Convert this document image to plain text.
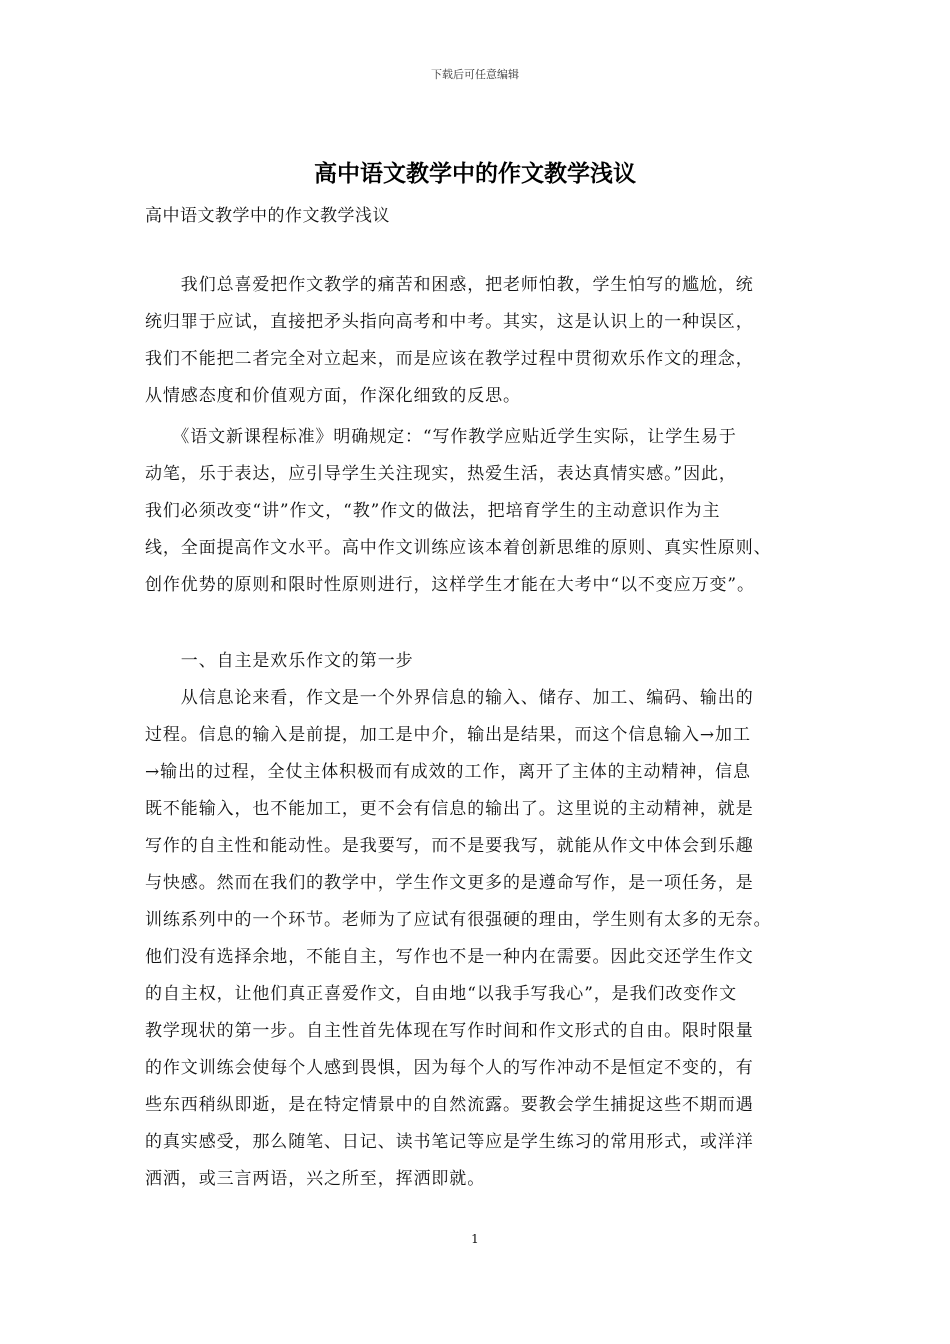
下载后可任意编辑
高中语文教学中的作文教学浅议

高中语文教学中的作文教学浅议

　　我们总喜爱把作文教学的痛苦和困惑，把老师怕教，学生怕写的尴尬，统
统归罪于应试，直接把矛头指向高考和中考。其实，这是认识上的一种误区，
我们不能把二者完全对立起来，而是应该在教学过程中贯彻欢乐作文的理念，
从情感态度和价值观方面，作深化细致的反思。

　　《语文新课程标准》明确规定：“写作教学应贴近学生实际，让学生易于
动笔，乐于表达，应引导学生关注现实，热爱生活，表达真情实感。”因此，
我们必须改变“讲”作文，“教”作文的做法，把培育学生的主动意识作为主
线，全面提高作文水平。高中作文训练应该本着创新思维的原则、真实性原则、
创作优势的原则和限时性原则进行，这样学生才能在大考中“以不变应万变”。

　　一、自主是欢乐作文的第一步

　　从信息论来看，作文是一个外界信息的输入、储存、加工、编码、输出的
过程。信息的输入是前提，加工是中介，输出是结果，而这个信息输入→加工
→输出的过程，全仗主体积极而有成效的工作，离开了主体的主动精神，信息
既不能输入，也不能加工，更不会有信息的输出了。这里说的主动精神，就是
写作的自主性和能动性。是我要写，而不是要我写，就能从作文中体会到乐趣
与快感。然而在我们的教学中，学生作文更多的是遵命写作，是一项任务，是
训练系列中的一个环节。老师为了应试有很强硬的理由，学生则有太多的无奈。
他们没有选择余地，不能自主，写作也不是一种内在需要。因此交还学生作文
的自主权，让他们真正喜爱作文，自由地“以我手写我心”，是我们改变作文
教学现状的第一步。自主性首先体现在写作时间和作文形式的自由。限时限量
的作文训练会使每个人感到畏惧，因为每个人的写作冲动不是恒定不变的，有
些东西稍纵即逝，是在特定情景中的自然流露。要教会学生捕捉这些不期而遇
的真实感受，那么随笔、日记、读书笔记等应是学生练习的常用形式，或洋洋
洒洒，或三言两语，兴之所至，挥洒即就。

1
